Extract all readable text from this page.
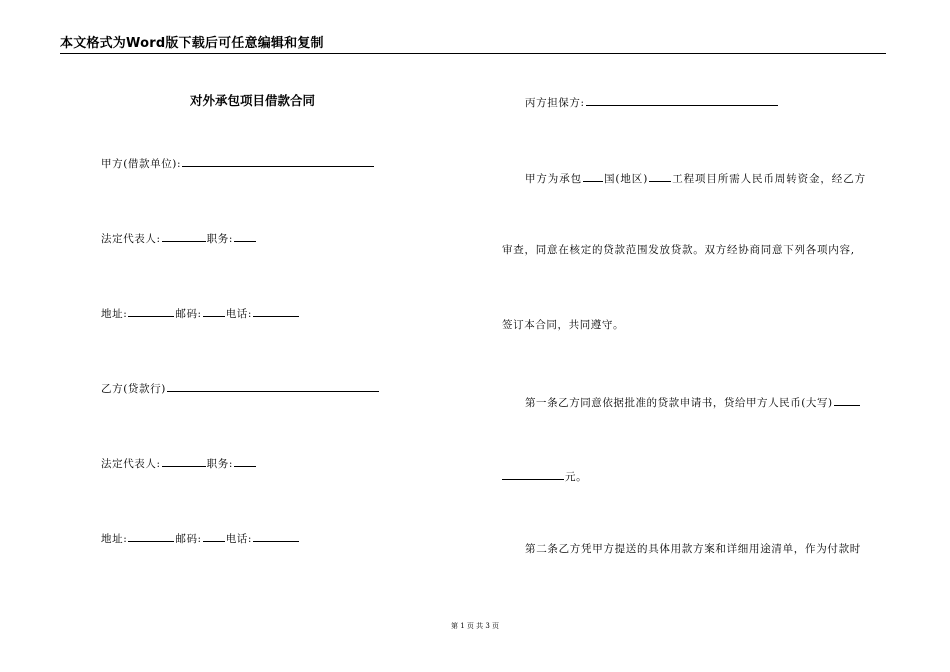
本文格式为Word版下载后可任意编辑和复制
对外承包项目借款合同
甲方(借款单位):
法定代表人:	职务:
地址:	邮码: 电话:
乙方(贷款行)
法定代表人:	职务:
地址:	邮码: 电话:
丙方担保方:
甲方为承包 国(地区) 工程项目所需人民币周转资金，经乙方
审查，同意在核定的贷款范围发放贷款。双方经协商同意下列各项内容,
签订本合同，共同遵守。
第一条乙方同意依据批准的贷款申请书，贷给甲方人民币(大写)
元。
第二条乙方凭甲方提送的具体用款方案和详细用途清单，作为付款时
第 1 页 共 3 页
